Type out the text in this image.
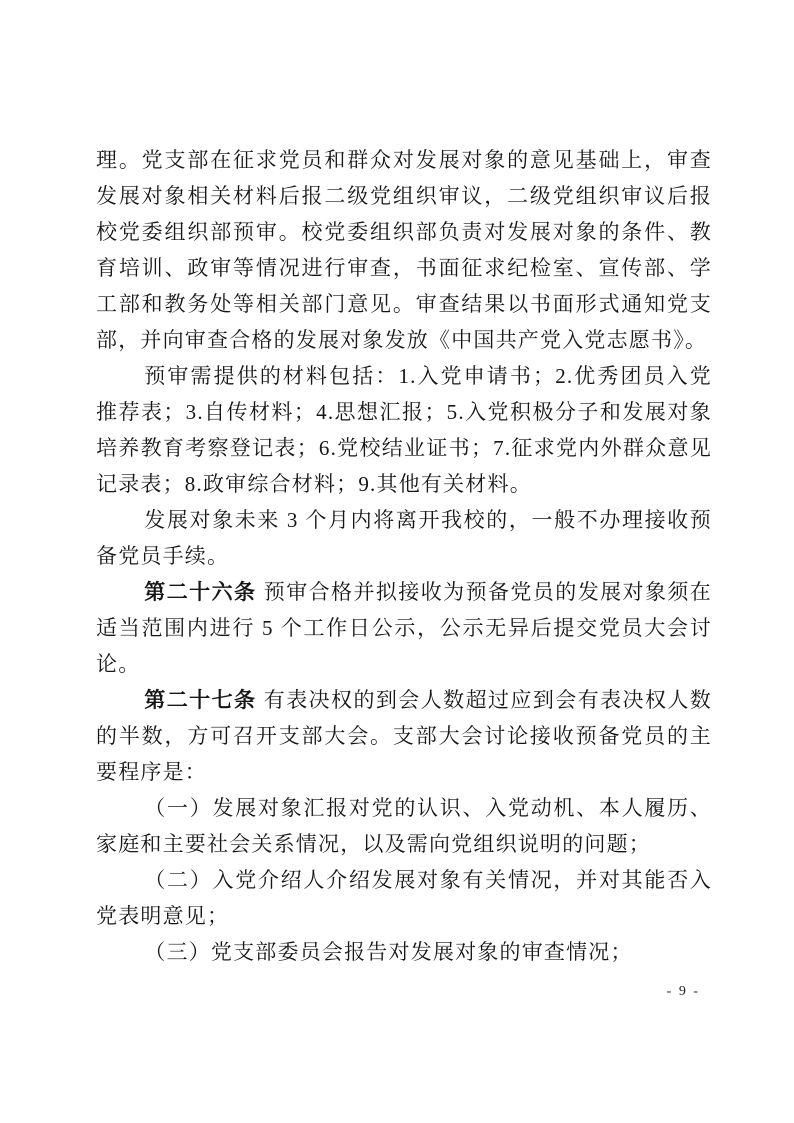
理。党支部在征求党员和群众对发展对象的意见基础上，审查发展对象相关材料后报二级党组织审议，二级党组织审议后报校党委组织部预审。校党委组织部负责对发展对象的条件、教育培训、政审等情况进行审查，书面征求纪检室、宣传部、学工部和教务处等相关部门意见。审查结果以书面形式通知党支部，并向审查合格的发展对象发放《中国共产党入党志愿书》。

预审需提供的材料包括：1.入党申请书；2.优秀团员入党推荐表；3.自传材料；4.思想汇报；5.入党积极分子和发展对象培养教育考察登记表；6.党校结业证书；7.征求党内外群众意见记录表；8.政审综合材料；9.其他有关材料。

发展对象未来 3 个月内将离开我校的，一般不办理接收预备党员手续。

第二十六条 预审合格并拟接收为预备党员的发展对象须在适当范围内进行 5 个工作日公示，公示无异后提交党员大会讨论。

第二十七条 有表决权的到会人数超过应到会有表决权人数的半数，方可召开支部大会。支部大会讨论接收预备党员的主要程序是：

（一）发展对象汇报对党的认识、入党动机、本人履历、家庭和主要社会关系情况，以及需向党组织说明的问题；

（二）入党介绍人介绍发展对象有关情况，并对其能否入党表明意见；

（三）党支部委员会报告对发展对象的审查情况；

- 9 -
